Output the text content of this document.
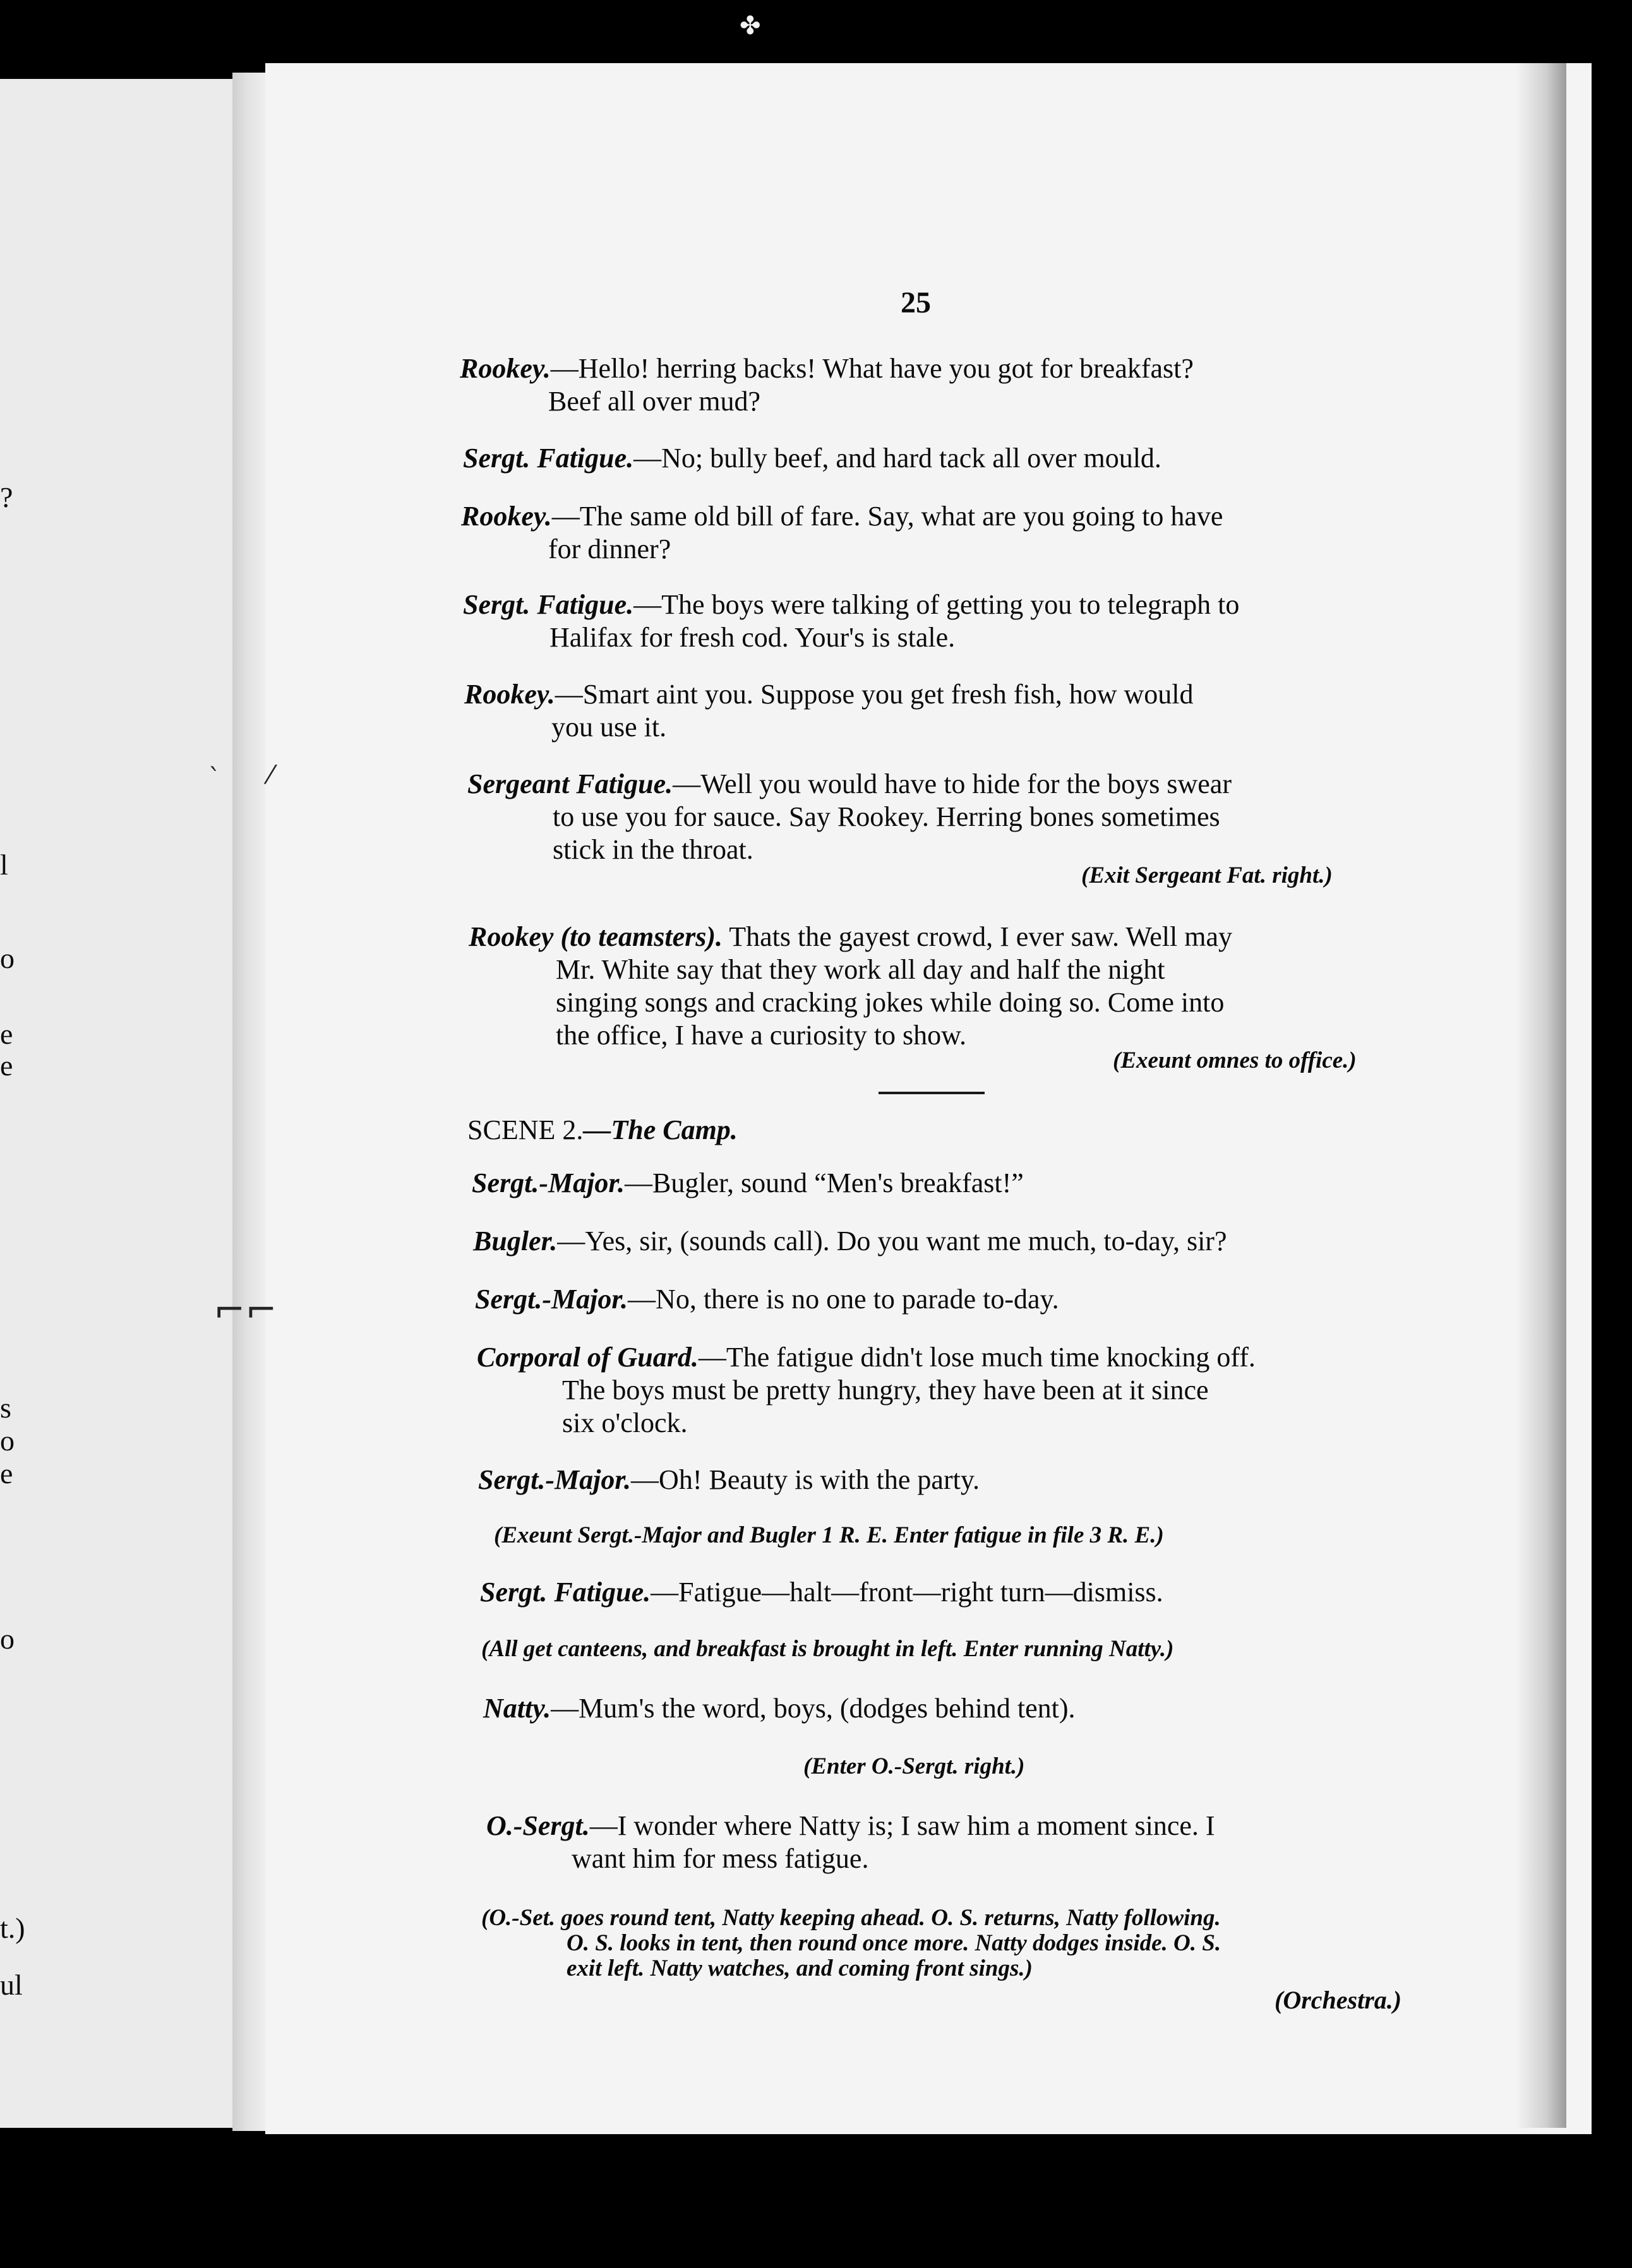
?
l
o
e
e
s
o
e
o
t.)
ul
✤
ˋ ⁄
⌐⌐
25
Rookey.—Hello! herring backs! What have you got for breakfast?
Beef all over mud?
Sergt. Fatigue.—No; bully beef, and hard tack all over mould.
Rookey.—The same old bill of fare. Say, what are you going to have
for dinner?
Sergt. Fatigue.—The boys were talking of getting you to telegraph to
Halifax for fresh cod. Your's is stale.
Rookey.—Smart aint you. Suppose you get fresh fish, how would
you use it.
Sergeant Fatigue.—Well you would have to hide for the boys swear
to use you for sauce. Say Rookey. Herring bones sometimes
stick in the throat.
(Exit Sergeant Fat. right.)
Rookey (to teamsters). Thats the gayest crowd, I ever saw. Well may
Mr. White say that they work all day and half the night
singing songs and cracking jokes while doing so. Come into
the office, I have a curiosity to show.
(Exeunt omnes to office.)
SCENE 2.—The Camp.
Sergt.-Major.—Bugler, sound “Men's breakfast!”
Bugler.—Yes, sir, (sounds call). Do you want me much, to-day, sir?
Sergt.-Major.—No, there is no one to parade to-day.
Corporal of Guard.—The fatigue didn't lose much time knocking off.
The boys must be pretty hungry, they have been at it since
six o'clock.
Sergt.-Major.—Oh! Beauty is with the party.
(Exeunt Sergt.-Major and Bugler 1 R. E. Enter fatigue in file 3 R. E.)
Sergt. Fatigue.—Fatigue—halt—front—right turn—dismiss.
(All get canteens, and breakfast is brought in left. Enter running Natty.)
Natty.—Mum's the word, boys, (dodges behind tent).
(Enter O.-Sergt. right.)
O.-Sergt.—I wonder where Natty is; I saw him a moment since. I
want him for mess fatigue.
(O.-Set. goes round tent, Natty keeping ahead. O. S. returns, Natty following.
O. S. looks in tent, then round once more. Natty dodges inside. O. S.
exit left. Natty watches, and coming front sings.)
(Orchestra.)
